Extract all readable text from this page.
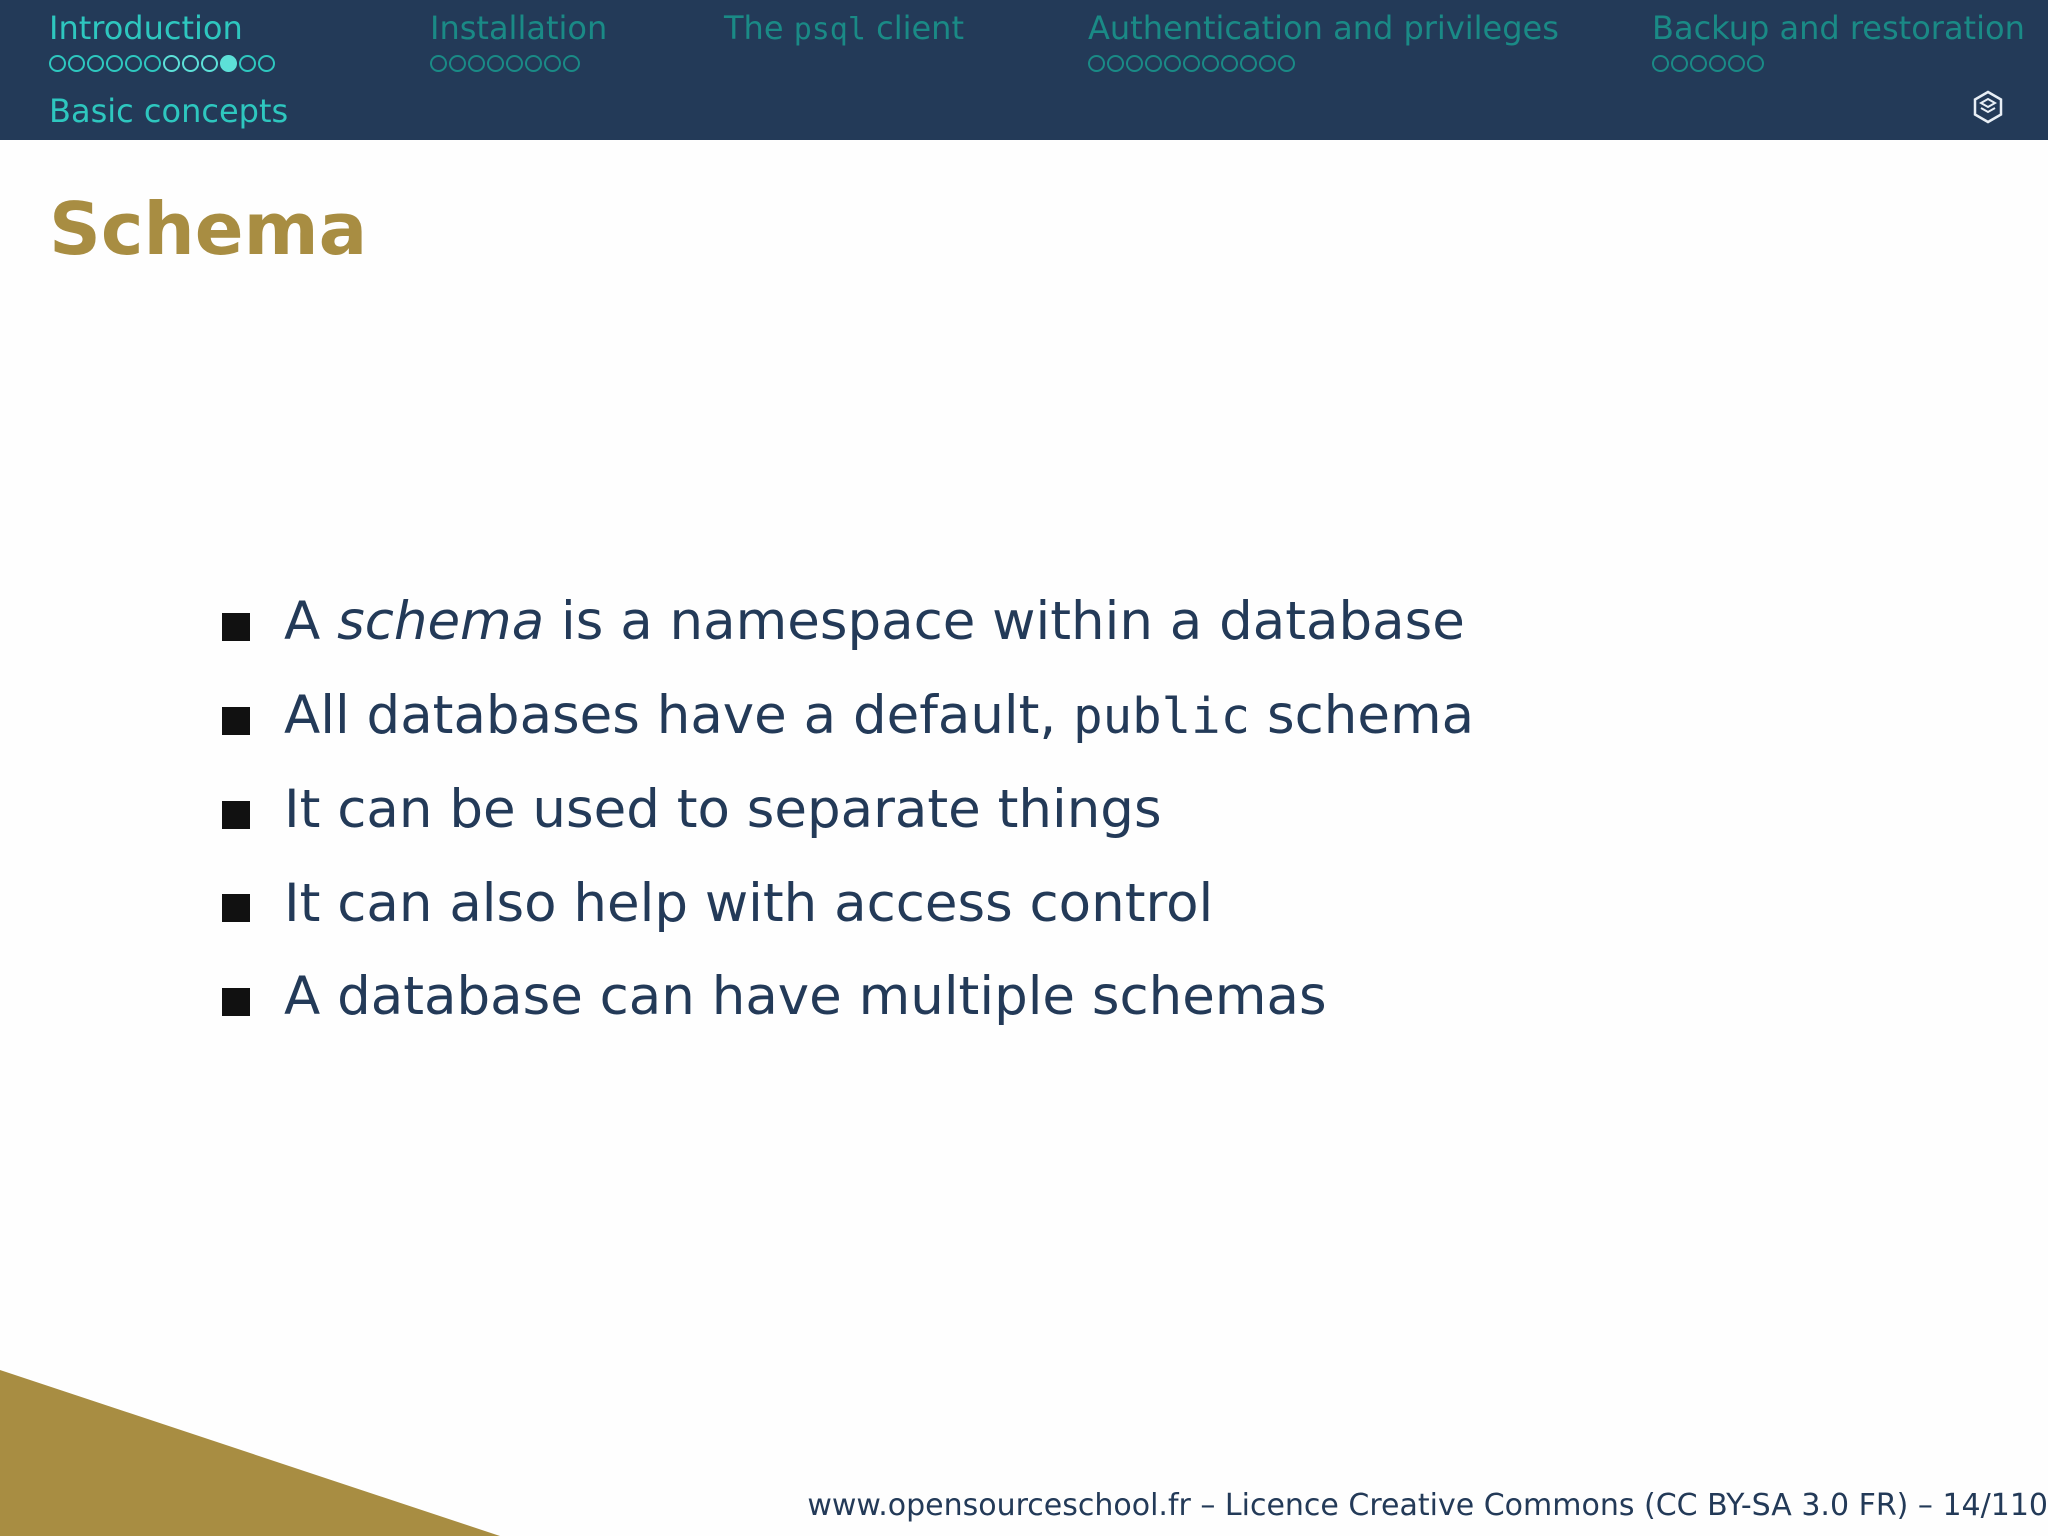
Introduction	Installation	The psql client	Authentication and privileges	Backup and restoration
Basic concepts
Schema
A schema is a namespace within a database
All databases have a default, public schema
It can be used to separate things
It can also help with access control
A database can have multiple schemas
www.opensourceschool.fr – Licence Creative Commons (CC BY-SA 3.0 FR) – 14/110
